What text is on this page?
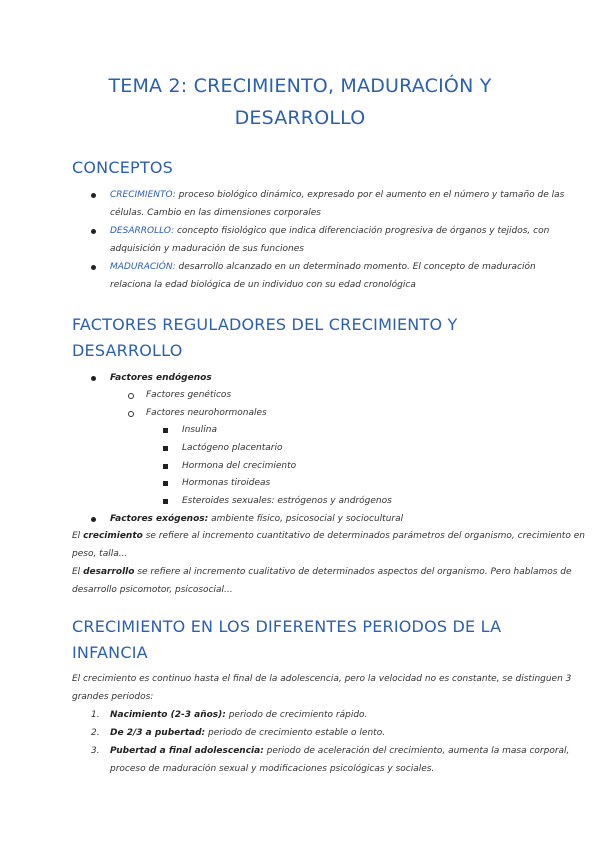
TEMA 2: CRECIMIENTO, MADURACIÓN Y
DESARROLLO
CONCEPTOS
CRECIMIENTO: proceso biológico dinámico, expresado por el aumento en el número y tamaño de las
células. Cambio en las dimensiones corporales
DESARROLLO: concepto fisiológico que indica diferenciación progresiva de órganos y tejidos, con
adquisición y maduración de sus funciones
MADURACIÓN: desarrollo alcanzado en un determinado momento. El concepto de maduración
relaciona la edad biológica de un individuo con su edad cronológica
FACTORES REGULADORES DEL CRECIMIENTO Y
DESARROLLO
Factores endógenos
Factores genéticos
Factores neurohormonales
Insulina
Lactógeno placentario
Hormona del crecimiento
Hormonas tiroideas
Esteroides sexuales: estrógenos y andrógenos
Factores exógenos: ambiente físico, psicosocial y sociocultural
El crecimiento se refiere al incremento cuantitativo de determinados parámetros del organismo, crecimiento en
peso, talla...
El desarrollo se refiere al incremento cualitativo de determinados aspectos del organismo. Pero hablamos de
desarrollo psicomotor, psicosocial...
CRECIMIENTO EN LOS DIFERENTES PERIODOS DE LA
INFANCIA
El crecimiento es continuo hasta el final de la adolescencia, pero la velocidad no es constante, se distinguen 3
grandes periodos:
1. Nacimiento (2-3 años): periodo de crecimiento rápido.
2. De 2/3 a pubertad: periodo de crecimiento estable o lento.
3. Pubertad a final adolescencia: periodo de aceleración del crecimiento, aumenta la masa corporal,
proceso de maduración sexual y modificaciones psicológicas y sociales.
